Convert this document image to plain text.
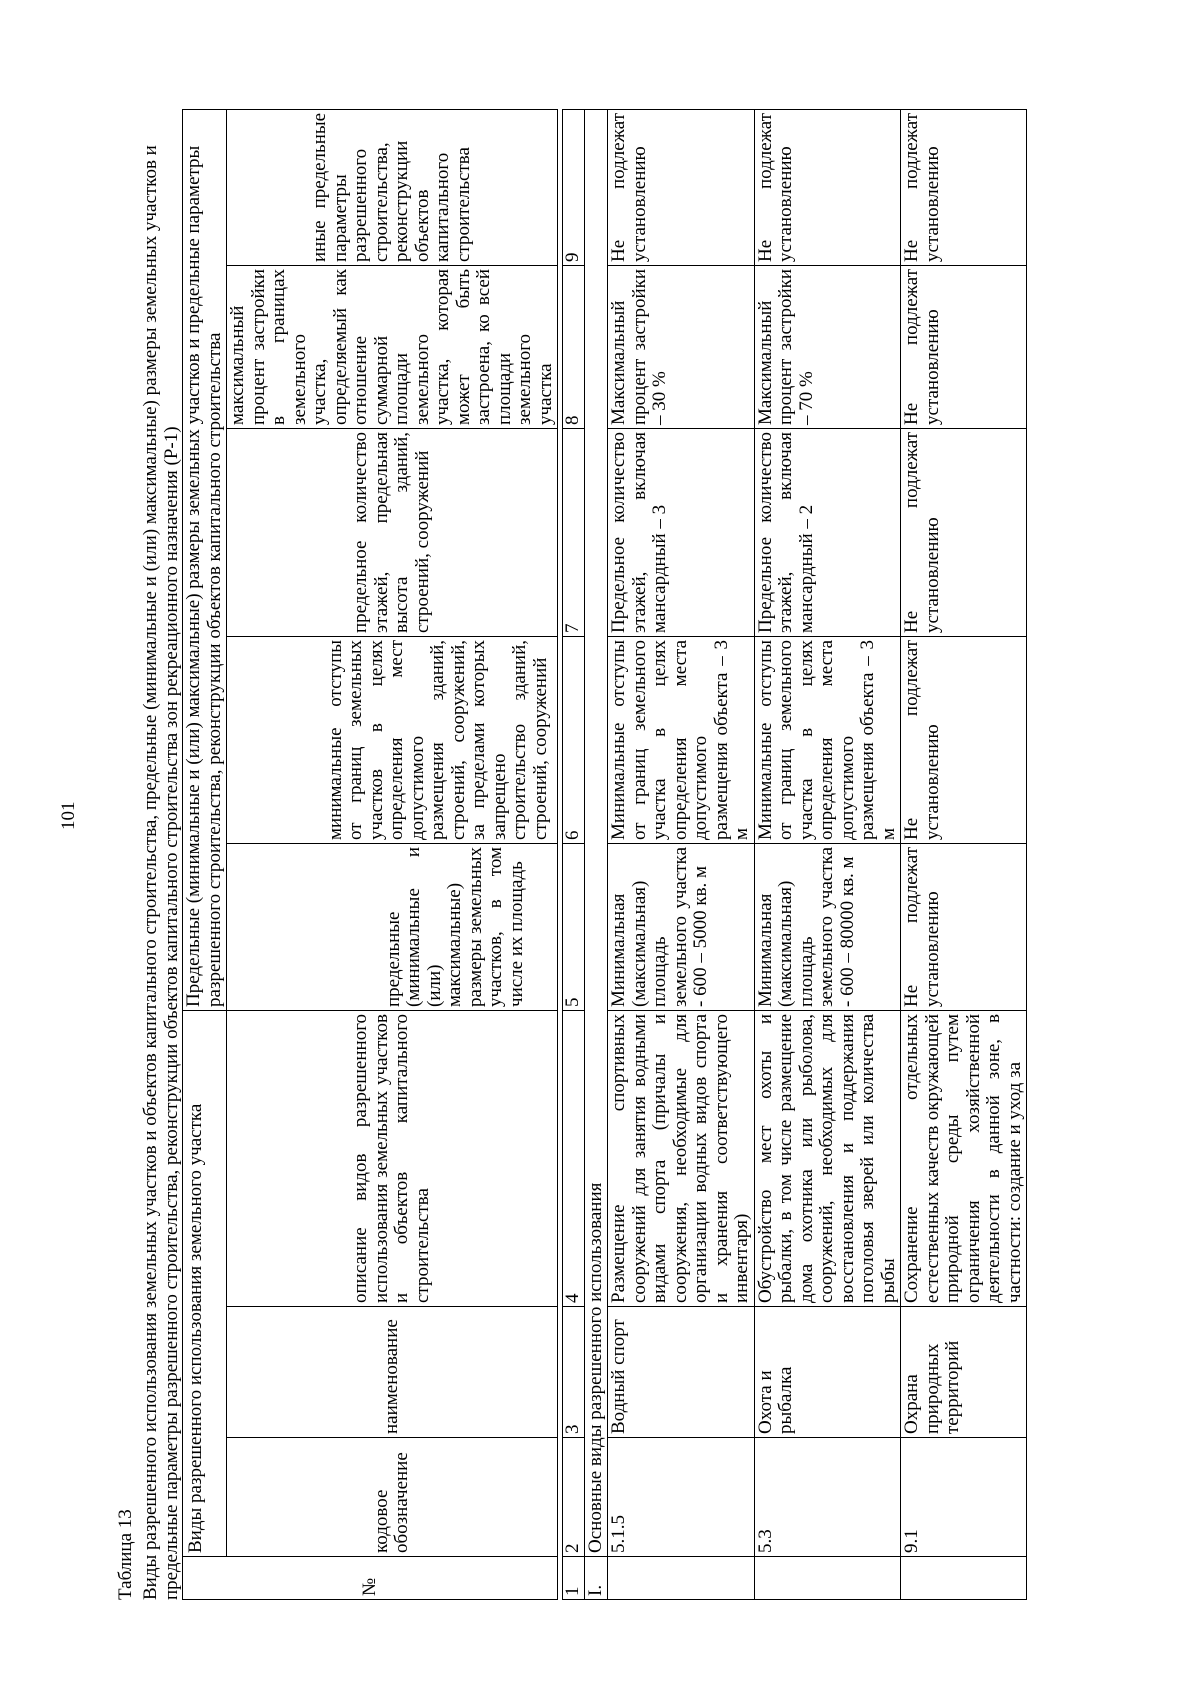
101
Таблица 13 Виды разрешенного использования земельных участков и объектов капитального строительства, предельные (минимальные и (или) максимальные) размеры земельных участков и предельные параметры разрешенного строительства, реконструкции объектов капитального строительства зон рекреационного назначения (Р-1)	№	Виды разрешенного использования земельного участка			Предельные (минимальные и (или) максимальные) размеры земельных участков и предельные параметры разрешенного строительства, реконструкции объектов капитального строительства				
	кодовое обозначение	наименование	описание видов разрешенного использования земельных участков и объектов капитального строительства	предельные (минимальные и (или) максимальные) размеры земельных участков, в том числе их площадь	минимальные отступы от границ земельных участков в целях определения мест допустимого размещения зданий, строений, сооружений, за пределами которых запрещено строительство зданий, строений, сооружений	предельное количество этажей, предельная высота зданий, строений, сооружений	максимальный процент застройки в границах земельного участка, определяемый как отношение суммарной площади земельного участка, которая может быть застроена, ко всей площади земельного участка	иные предельные параметры разрешенного строительства, реконструкции объектов капитального строительства

1	2	3	4	5	6	7	8	9
I.	Основные виды разрешенного использования							
	5.1.5	Водный спорт	Размещение спортивных сооружений для занятия водными видами спорта (причалы и сооружения, необходимые для организации водных видов спорта и хранения соответствующего инвентаря)	Минимальная (максимальная) площадь земельного участка - 600 – 5000 кв. м	Минимальные отступы от границ земельного участка в целях определения места допустимого размещения объекта – 3 м	Предельное количество этажей, включая мансардный – 3	Максимальный процент застройки – 30 %	Не подлежат установлению
	5.3	Охота и рыбалка	Обустройство мест охоты и рыбалки, в том числе размещение дома охотника или рыболова, сооружений, необходимых для восстановления и поддержания поголовья зверей или количества рыбы	Минимальная (максимальная) площадь земельного участка - 600 – 80000 кв. м	Минимальные отступы от границ земельного участка в целях определения места допустимого размещения объекта – 3 м	Предельное количество этажей, включая мансардный – 2	Максимальный процент застройки – 70 %	Не подлежат установлению
	9.1	Охрана природных территорий	Сохранение отдельных естественных качеств окружающей природной среды путем ограничения хозяйственной деятельности в данной зоне, в частности: создание и уход за	Не подлежат установлению	Не подлежат установлению	Не подлежат установлению	Не подлежат установлению	Не подлежат установлению
